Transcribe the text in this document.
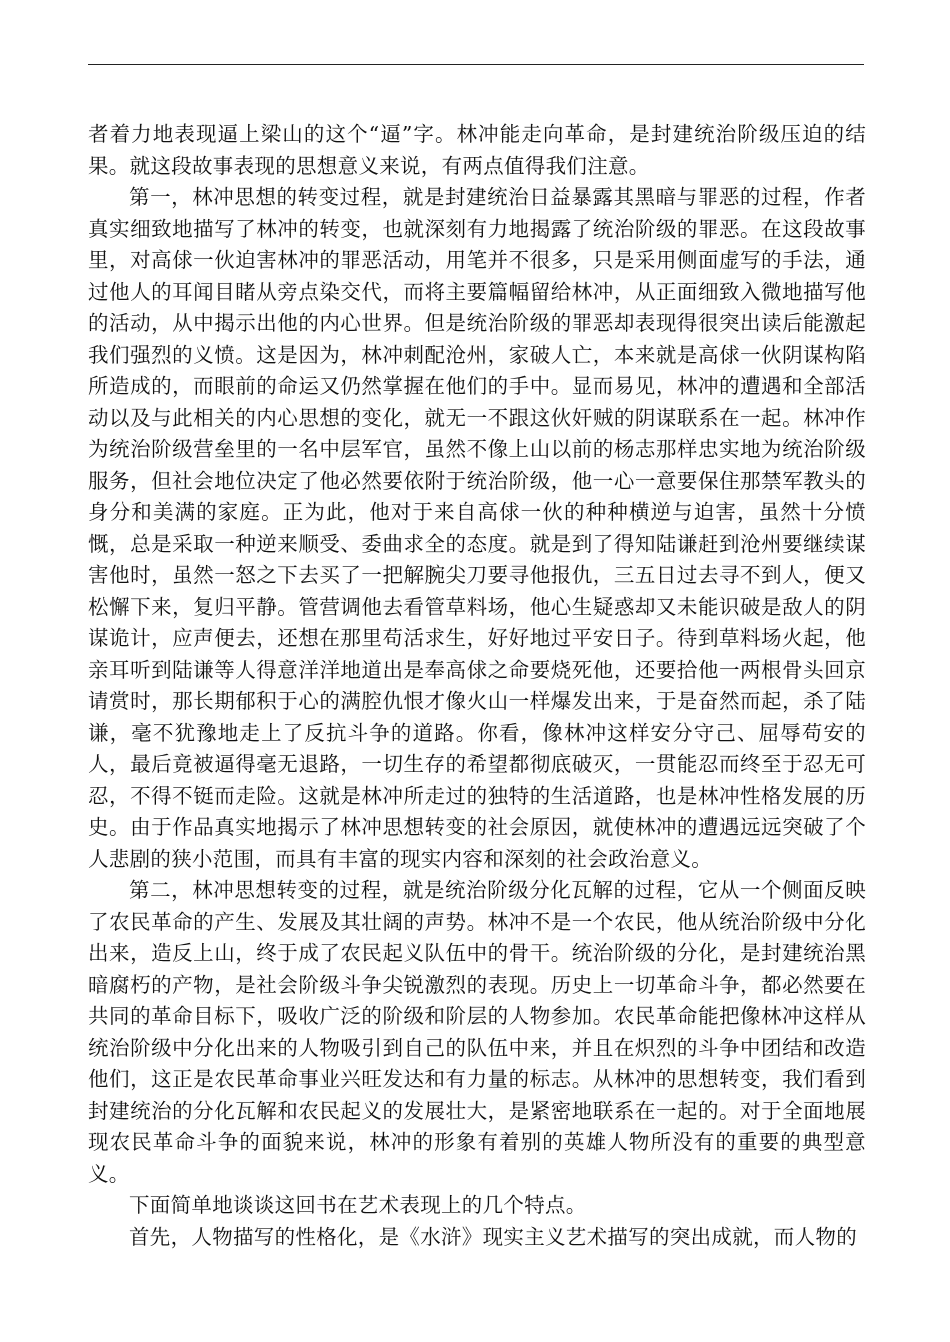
者着力地表现逼上梁山的这个“逼”字。林冲能走向革命，是封建统治阶级压迫的结果。就这段故事表现的思想意义来说，有两点值得我们注意。

第一，林冲思想的转变过程，就是封建统治日益暴露其黑暗与罪恶的过程，作者真实细致地描写了林冲的转变，也就深刻有力地揭露了统治阶级的罪恶。在这段故事里，对高俅一伙迫害林冲的罪恶活动，用笔并不很多，只是采用侧面虚写的手法，通过他人的耳闻目睹从旁点染交代，而将主要篇幅留给林冲，从正面细致入微地描写他的活动，从中揭示出他的内心世界。但是统治阶级的罪恶却表现得很突出读后能激起我们强烈的义愤。这是因为，林冲刺配沧州，家破人亡，本来就是高俅一伙阴谋构陷所造成的，而眼前的命运又仍然掌握在他们的手中。显而易见，林冲的遭遇和全部活动以及与此相关的内心思想的变化，就无一不跟这伙奸贼的阴谋联系在一起。林冲作为统治阶级营垒里的一名中层军官，虽然不像上山以前的杨志那样忠实地为统治阶级服务，但社会地位决定了他必然要依附于统治阶级，他一心一意要保住那禁军教头的身分和美满的家庭。正为此，他对于来自高俅一伙的种种横逆与迫害，虽然十分愤慨，总是采取一种逆来顺受、委曲求全的态度。就是到了得知陆谦赶到沧州要继续谋害他时，虽然一怒之下去买了一把解腕尖刀要寻他报仇，三五日过去寻不到人，便又松懈下来，复归平静。管营调他去看管草料场，他心生疑惑却又未能识破是敌人的阴谋诡计，应声便去，还想在那里苟活求生，好好地过平安日子。待到草料场火起，他亲耳听到陆谦等人得意洋洋地道出是奉高俅之命要烧死他，还要拾他一两根骨头回京请赏时，那长期郁积于心的满腔仇恨才像火山一样爆发出来，于是奋然而起，杀了陆谦，毫不犹豫地走上了反抗斗争的道路。你看，像林冲这样安分守己、屈辱苟安的人，最后竟被逼得毫无退路，一切生存的希望都彻底破灭，一贯能忍而终至于忍无可忍，不得不铤而走险。这就是林冲所走过的独特的生活道路，也是林冲性格发展的历史。由于作品真实地揭示了林冲思想转变的社会原因，就使林冲的遭遇远远突破了个人悲剧的狭小范围，而具有丰富的现实内容和深刻的社会政治意义。

第二，林冲思想转变的过程，就是统治阶级分化瓦解的过程，它从一个侧面反映了农民革命的产生、发展及其壮阔的声势。林冲不是一个农民，他从统治阶级中分化出来，造反上山，终于成了农民起义队伍中的骨干。统治阶级的分化，是封建统治黑暗腐朽的产物，是社会阶级斗争尖锐激烈的表现。历史上一切革命斗争，都必然要在共同的革命目标下，吸收广泛的阶级和阶层的人物参加。农民革命能把像林冲这样从统治阶级中分化出来的人物吸引到自己的队伍中来，并且在炽烈的斗争中团结和改造他们，这正是农民革命事业兴旺发达和有力量的标志。从林冲的思想转变，我们看到封建统治的分化瓦解和农民起义的发展壮大，是紧密地联系在一起的。对于全面地展现农民革命斗争的面貌来说，林冲的形象有着别的英雄人物所没有的重要的典型意义。

下面简单地谈谈这回书在艺术表现上的几个特点。

首先，人物描写的性格化，是《水浒》现实主义艺术描写的突出成就，而人物的
